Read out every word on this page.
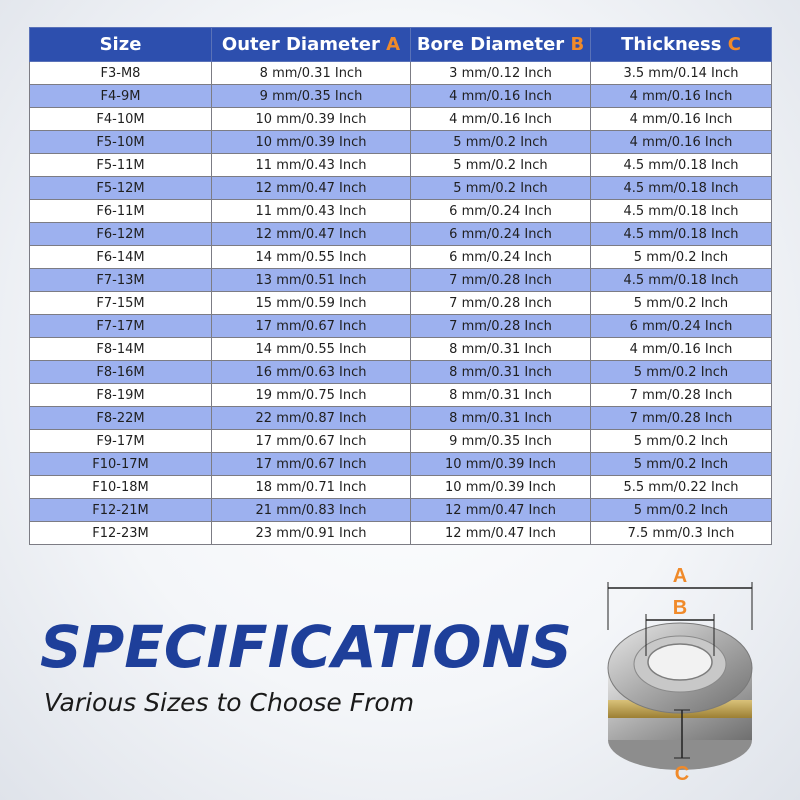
Size	Outer Diameter A	Bore Diameter B	Thickness C
F3-M8	8 mm/0.31 Inch	3 mm/0.12 Inch	3.5 mm/0.14 Inch
F4-9M	9 mm/0.35 Inch	4 mm/0.16 Inch	4 mm/0.16 Inch
F4-10M	10 mm/0.39 Inch	4 mm/0.16 Inch	4 mm/0.16 Inch
F5-10M	10 mm/0.39 Inch	5 mm/0.2 Inch	4 mm/0.16 Inch
F5-11M	11 mm/0.43 Inch	5 mm/0.2 Inch	4.5 mm/0.18 Inch
F5-12M	12 mm/0.47 Inch	5 mm/0.2 Inch	4.5 mm/0.18 Inch
F6-11M	11 mm/0.43 Inch	6 mm/0.24 Inch	4.5 mm/0.18 Inch
F6-12M	12 mm/0.47 Inch	6 mm/0.24 Inch	4.5 mm/0.18 Inch
F6-14M	14 mm/0.55 Inch	6 mm/0.24 Inch	5 mm/0.2 Inch
F7-13M	13 mm/0.51 Inch	7 mm/0.28 Inch	4.5 mm/0.18 Inch
F7-15M	15 mm/0.59 Inch	7 mm/0.28 Inch	5 mm/0.2 Inch
F7-17M	17 mm/0.67 Inch	7 mm/0.28 Inch	6 mm/0.24 Inch
F8-14M	14 mm/0.55 Inch	8 mm/0.31 Inch	4 mm/0.16 Inch
F8-16M	16 mm/0.63 Inch	8 mm/0.31 Inch	5 mm/0.2 Inch
F8-19M	19 mm/0.75 Inch	8 mm/0.31 Inch	7 mm/0.28 Inch
F8-22M	22 mm/0.87 Inch	8 mm/0.31 Inch	7 mm/0.28 Inch
F9-17M	17 mm/0.67 Inch	9 mm/0.35 Inch	5 mm/0.2 Inch
F10-17M	17 mm/0.67 Inch	10 mm/0.39 Inch	5 mm/0.2 Inch
F10-18M	18 mm/0.71 Inch	10 mm/0.39 Inch	5.5 mm/0.22 Inch
F12-21M	21 mm/0.83 Inch	12 mm/0.47 Inch	5 mm/0.2 Inch
F12-23M	23 mm/0.91 Inch	12 mm/0.47 Inch	7.5 mm/0.3 Inch
SPECIFICATIONS
Various Sizes to Choose From
A
B
C
